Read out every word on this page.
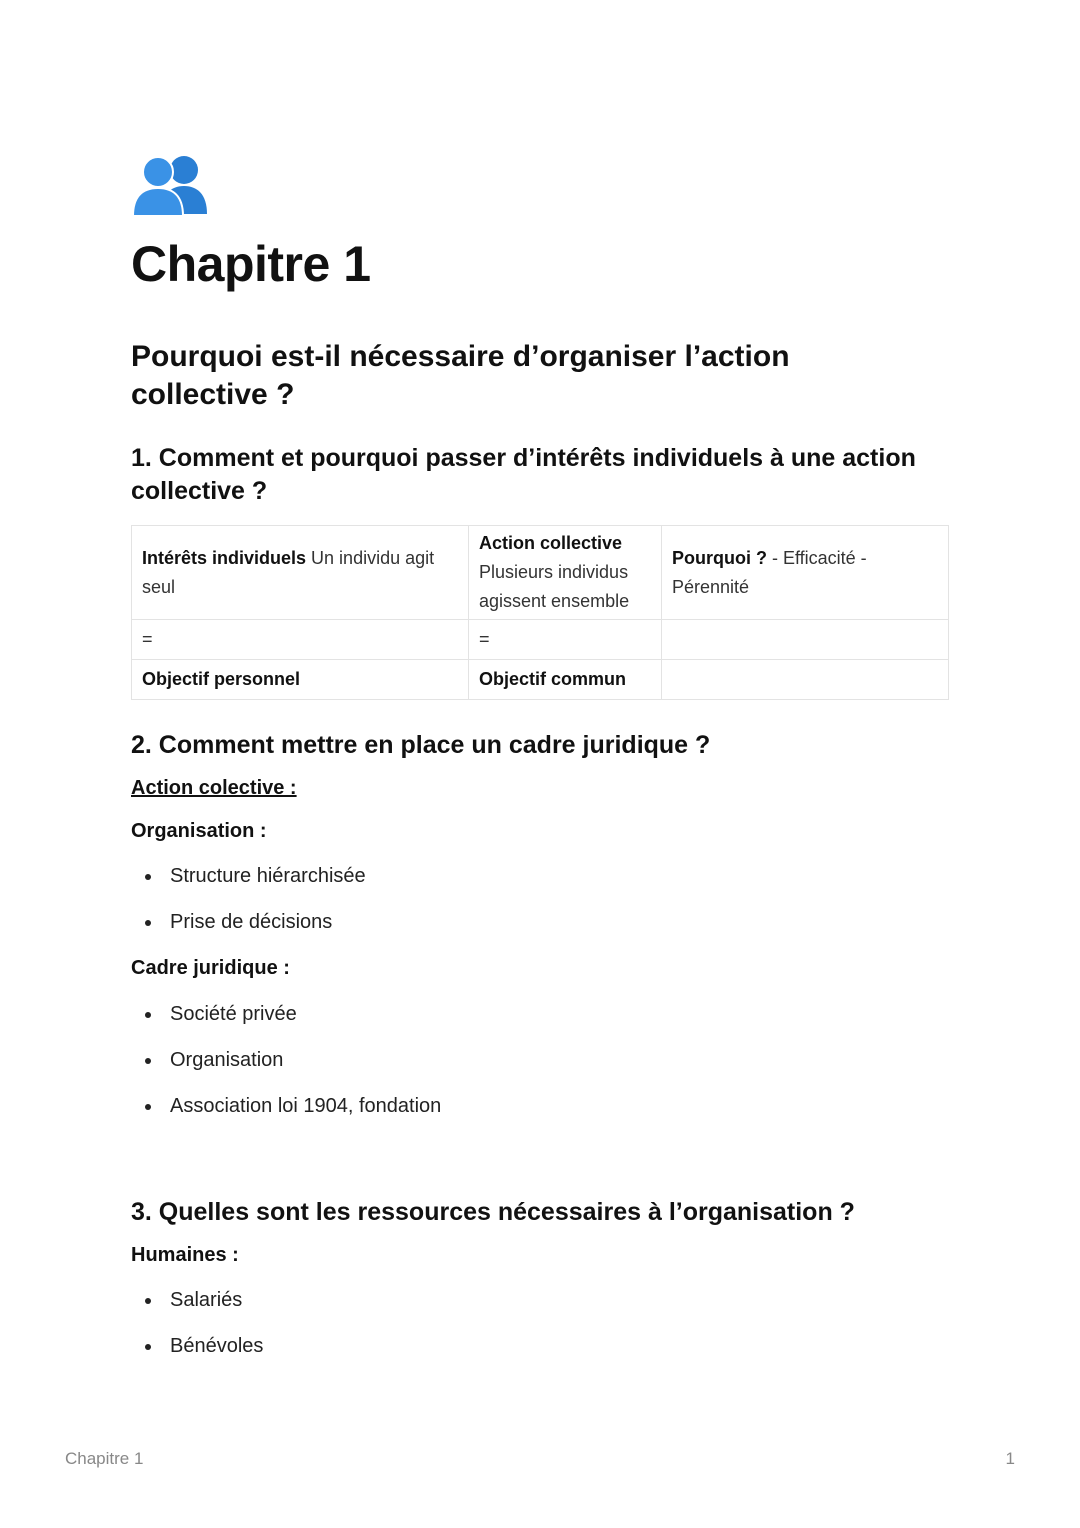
Chapitre 1
Pourquoi est-il nécessaire d’organiser l’action collective ?
1. Comment et pourquoi passer d’intérêts individuels à une action collective ?
Intérêts individuels Un individu agit seul	Action collective Plusieurs individus agissent ensemble	Pourquoi ? - Efficacité - Pérennité
=	=	
Objectif personnel	Objectif commun	
2. Comment mettre en place un cadre juridique ?

Action colective :

Organisation :

Structure hiérarchisée
Prise de décisions

Cadre juridique :

Société privée
Organisation
Association loi 1904, fondation
3. Quelles sont les ressources nécessaires à l’organisation ?

Humaines :

Salariés
Bénévoles
Chapitre 1	1
